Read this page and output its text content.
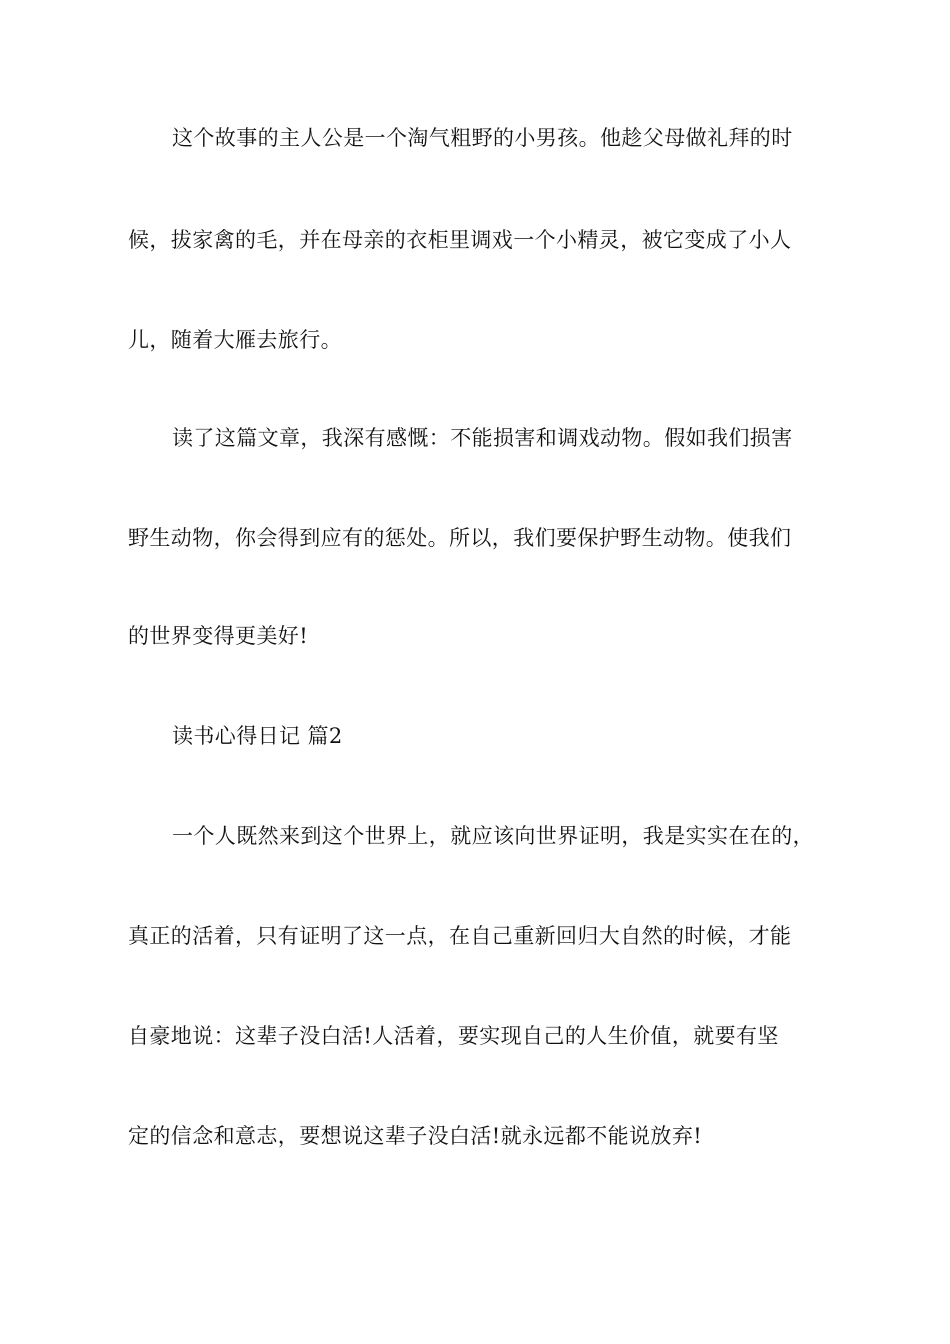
这个故事的主人公是一个淘气粗野的小男孩。他趁父母做礼拜的时
候，拔家禽的毛，并在母亲的衣柜里调戏一个小精灵，被它变成了小人
儿，随着大雁去旅行。
读了这篇文章，我深有感慨：不能损害和调戏动物。假如我们损害
野生动物，你会得到应有的惩处。所以，我们要保护野生动物。使我们
的世界变得更美好!
读书心得日记 篇2
一个人既然来到这个世界上，就应该向世界证明，我是实实在在的，
真正的活着，只有证明了这一点，在自己重新回归大自然的时候，才能
自豪地说：这辈子没白活!人活着，要实现自己的人生价值，就要有坚
定的信念和意志，要想说这辈子没白活!就永远都不能说放弃!
